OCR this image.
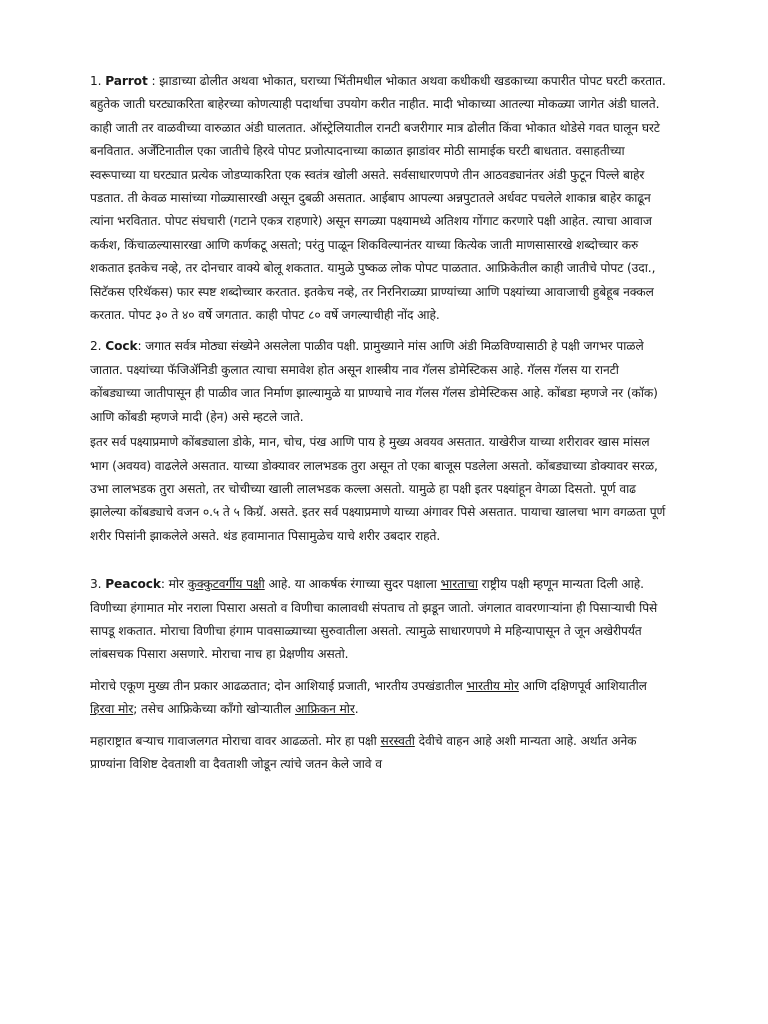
1. Parrot : झाडाच्या ढोलीत अथवा भोकात, घराच्या भिंतीमधील भोकात अथवा कधीकधी खडकाच्या कपारीत पोपट घरटी करतात. बहुतेक जाती घरट्याकरिता बाहेरच्या कोणत्याही पदार्थाचा उपयोग करीत नाहीत. मादी भोकाच्या आतल्या मोकळ्या जागेत अंडी घालते. काही जाती तर वाळवीच्या वारुळात अंडी घालतात. ऑस्ट्रेलियातील रानटी बजरीगार मात्र ढोलीत किंवा भोकात थोडेसे गवत घालून घरटे बनवितात. अर्जेंटिनातील एका जातीचे हिरवे पोपट प्रजोत्पादनाच्या काळात झाडांवर मोठी सामाईक घरटी बाधतात. वसाहतीच्या स्वरूपाच्या या घरट्यात प्रत्येक जोडप्याकरिता एक स्वतंत्र खोली असते. सर्वसाधारणपणे तीन आठवड्यानंतर अंडी फुटून पिल्ले बाहेर पडतात. ती केवळ मासांच्या गोळ्यासारखी असून दुबळी असतात. आईबाप आपल्या अन्नपुटातले अर्धवट पचलेले शाकान्न बाहेर काढून त्यांना भरवितात. पोपट संघचारी (गटाने एकत्र राहणारे) असून सगळ्या पक्ष्यामध्ये अतिशय गोंगाट करणारे पक्षी आहेत. त्याचा आवाज कर्कश, किंचाळल्यासारखा आणि कर्णकटू असतो; परंतु पाळून शिकविल्यानंतर याच्या कित्येक जाती माणसासारखे शब्दोच्चार करु शकतात इतकेच नव्हे, तर दोनचार वाक्ये बोलू शकतात. यामुळे पुष्कळ लोक पोपट पाळतात. आफ्रिकेतील काही जातीचे पोपट (उदा., सिटॅकस एरिथॅकस) फार स्पष्ट शब्दोच्चार करतात. इतकेच नव्हे, तर निरनिराळ्या प्राण्यांच्या आणि पक्ष्यांच्या आवाजाची हुबेहूब नक्कल करतात. पोपट ३० ते ४० वर्षे जगतात. काही पोपट ८० वर्षे जगल्याचीही नोंद आहे.

2. Cock: जगात सर्वत्र मोठ्या संख्येने असलेला पाळीव पक्षी. प्रामुख्याने मांस आणि अंडी मिळविण्यासाठी हे पक्षी जगभर पाळले जातात. पक्ष्यांच्या फॅजिॲनिडी कुलात त्याचा समावेश होत असून शास्त्रीय नाव गॅलस डोमेस्टिकस आहे. गॅलस गॅलस या रानटी कोंबड्याच्या जातीपासून ही पाळीव जात निर्माण झाल्यामुळे या प्राण्याचे नाव गॅलस गॅलस डोमेस्टिकस आहे. कोंबडा म्हणजे नर (कॉक) आणि कोंबडी म्हणजे मादी (हेन) असे म्हटले जाते.

इतर सर्व पक्ष्याप्रमाणे कोंबड्याला डोके, मान, चोच, पंख आणि पाय हे मुख्य अवयव असतात. याखेरीज याच्या शरीरावर खास मांसल भाग (अवयव) वाढलेले असतात. याच्या डोक्यावर लालभडक तुरा असून तो एका बाजूस पडलेला असतो. कोंबड्याच्या डोक्यावर सरळ, उभा लालभडक तुरा असतो, तर चोचीच्या खाली लालभडक कल्ला असतो. यामुळे हा पक्षी इतर पक्ष्यांहून वेगळा दिसतो. पूर्ण वाढ झालेल्या कोंबड्याचे वजन ०.५ ते ५ किग्रॅ. असते. इतर सर्व पक्ष्याप्रमाणे याच्या अंगावर पिसे असतात. पायाचा खालचा भाग वगळता पूर्ण शरीर पिसांनी झाकलेले असते. थंड हवामानात पिसामुळेच याचे शरीर उबदार राहते.

3. Peacock: मोर कुक्कुटवर्गीय पक्षी आहे. या आकर्षक रंगाच्या सुदर पक्षाला भारताचा राष्ट्रीय पक्षी म्हणून मान्यता दिली आहे. विणीच्या हंगामात मोर नराला पिसारा असतो व विणीचा कालावधी संपताच तो झडून जातो. जंगलात वावरणाऱ्यांना ही पिसाऱ्याची पिसे सापडू शकतात. मोराचा विणीचा हंगाम पावसाळ्याच्या सुरुवातीला असतो. त्यामुळे साधारणपणे मे महिन्यापासून ते जून अखेरीपर्यंत लांबसचक पिसारा असणारे. मोराचा नाच हा प्रेक्षणीय असतो.

मोराचे एकूण मुख्य तीन प्रकार आढळतात; दोन आशियाई प्रजाती, भारतीय उपखंडातील भारतीय मोर आणि दक्षिणपूर्व आशियातील हिरवा मोर; तसेच आफ्रिकेच्या काँगो खोऱ्यातील आफ्रिकन मोर.

महाराष्ट्रात बऱ्याच गावाजलगत मोराचा वावर आढळतो. मोर हा पक्षी सरस्वती देवीचे वाहन आहे अशी मान्यता आहे. अर्थात अनेक प्राण्यांना विशिष्ट देवताशी वा दैवताशी जोडून त्यांचे जतन केले जावे व
